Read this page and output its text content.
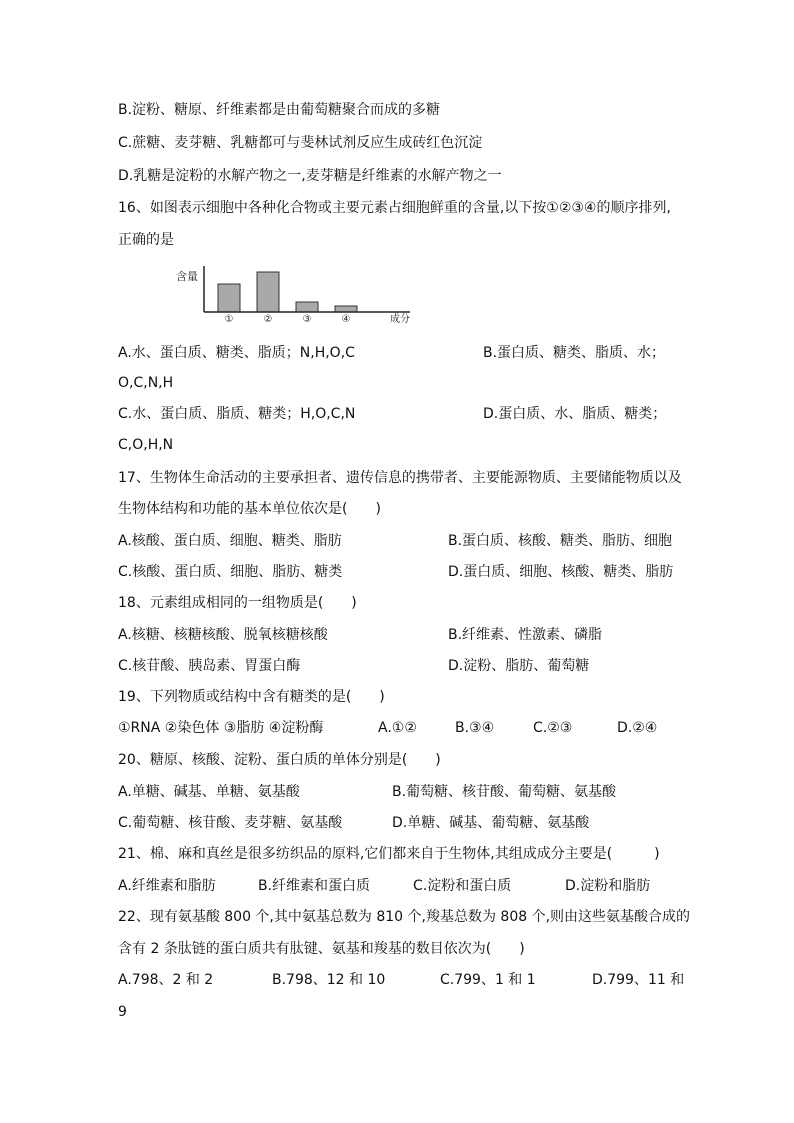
B.淀粉、糖原、纤维素都是由葡萄糖聚合而成的多糖
C.蔗糖、麦芽糖、乳糖都可与斐林试剂反应生成砖红色沉淀
D.乳糖是淀粉的水解产物之一,麦芽糖是纤维素的水解产物之一
16、如图表示细胞中各种化合物或主要元素占细胞鲜重的含量,以下按①②③④的顺序排列,
正确的是
①	②	③	④
含量
成分
A.水、蛋白质、糖类、脂质；N,H,O,C	B.蛋白质、糖类、脂质、水；
O,C,N,H
C.水、蛋白质、脂质、糖类；H,O,C,N	D.蛋白质、水、脂质、糖类；
C,O,H,N
17、生物体生命活动的主要承担者、遗传信息的携带者、主要能源物质、主要储能物质以及
生物体结构和功能的基本单位依次是(　　)
A.核酸、蛋白质、细胞、糖类、脂肪	B.蛋白质、核酸、糖类、脂肪、细胞
C.核酸、蛋白质、细胞、脂肪、糖类	D.蛋白质、细胞、核酸、糖类、脂肪
18、元素组成相同的一组物质是(　　)
A.核糖、核糖核酸、脱氧核糖核酸	B.纤维素、性激素、磷脂
C.核苷酸、胰岛素、胃蛋白酶	D.淀粉、脂肪、葡萄糖
19、下列物质或结构中含有糖类的是(　　)
①RNA ②染色体 ③脂肪 ④淀粉酶	A.①②	B.③④	C.②③	D.②④
20、糖原、核酸、淀粉、蛋白质的单体分别是(　　)
A.单糖、碱基、单糖、氨基酸	B.葡萄糖、核苷酸、葡萄糖、氨基酸
C.葡萄糖、核苷酸、麦芽糖、氨基酸	D.单糖、碱基、葡萄糖、氨基酸
21、棉、麻和真丝是很多纺织品的原料,它们都来自于生物体,其组成成分主要是(　　　)
A.纤维素和脂肪	B.纤维素和蛋白质	C.淀粉和蛋白质	D.淀粉和脂肪
22、现有氨基酸 800 个,其中氨基总数为 810 个,羧基总数为 808 个,则由这些氨基酸合成的
含有 2 条肽链的蛋白质共有肽键、氨基和羧基的数目依次为(　　)
A.798、2 和 2	B.798、12 和 10	C.799、1 和 1	D.799、11 和
9
